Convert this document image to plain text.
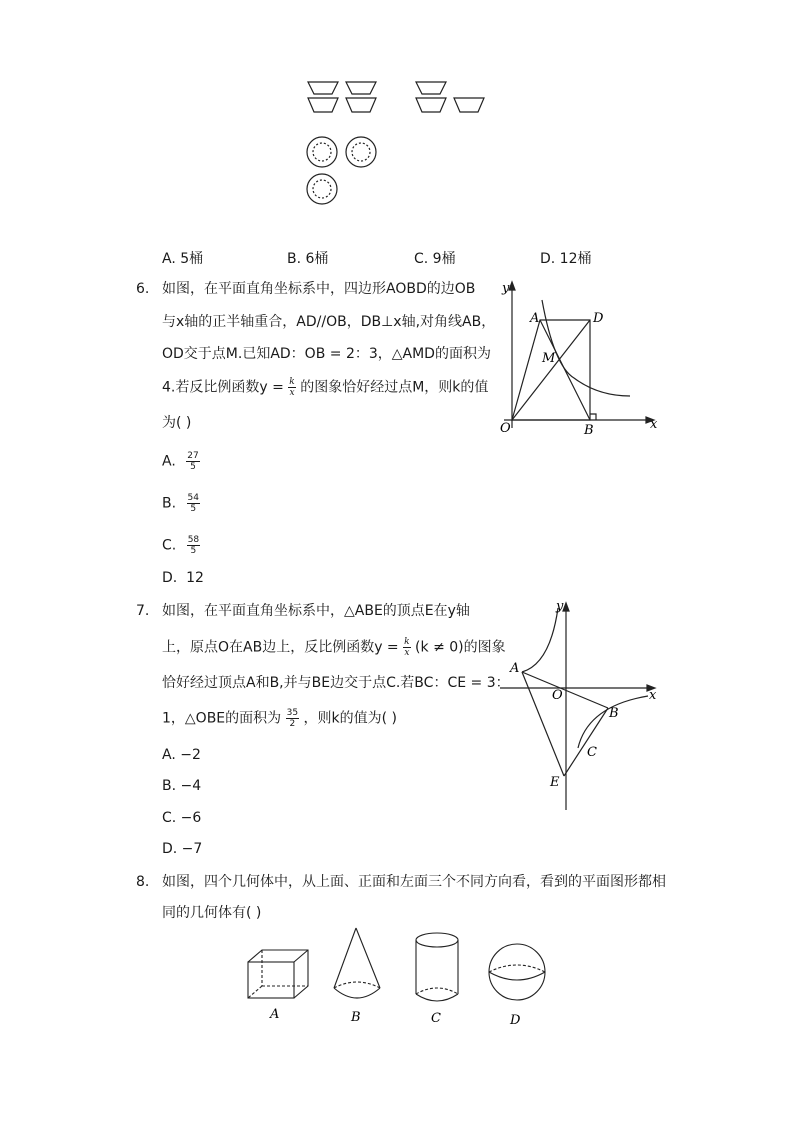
A. 5桶	B. 6桶	C. 9桶	D. 12桶
6. 如图，在平面直角坐标系中，四边形AOBD的边OB
与x轴的正半轴重合，AD//OB，DB⊥x轴,对角线AB，
OD交于点M.已知AD：OB = 2：3，△AMD的面积为
4.若反比例函数$y = \frac{k}{x}$ 的图象恰好经过点M，则k的值
为( )
A. $\frac{27}{5}$
B. $\frac{54}{5}$
C. $\frac{58}{5}$
D. 12
y
x
A	D
M
O	B
7. 如图，在平面直角坐标系中，△ABE的顶点E在y轴
上，原点O在AB边上，反比例函数$y = \frac{k}{x} (k \ne 0)$的图象
恰好经过顶点A和B,并与BE边交于点C.若BC：CE = 3：
1，△OBE的面积为 $\frac{35}{2}$ ，则k的值为( )
A. −2
B. −4
C. −6
D. −7
y
x
A
O
B
C
E
8. 如图，四个几何体中，从上面、正面和左面三个不同方向看，看到的平面图形都相
同的几何体有( )
A	B	C	D
